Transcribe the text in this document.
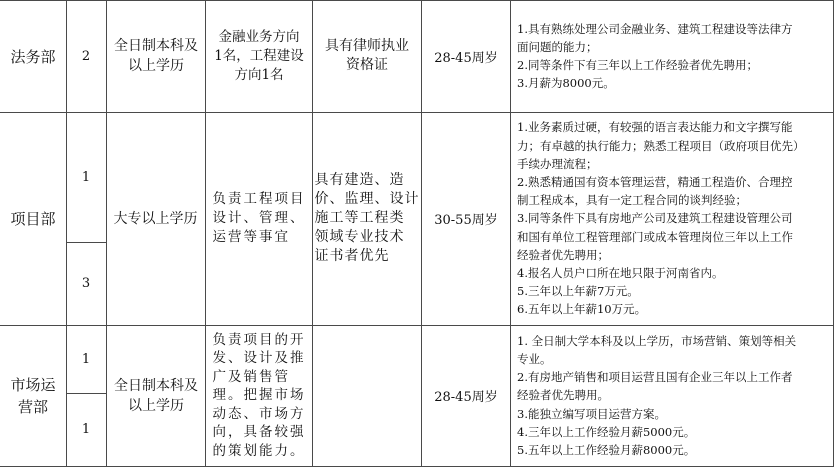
法务部 2
全日制本科及以上学历
金融业务方向
1名，工程建设
方向1名
具有律师执业
资格证	28-45周岁
1.具有熟练处理公司金融业务、建筑工程建设等法律方
面问题的能力；
2.同等条件下有三年以上工作经验者优先聘用；
3.月薪为8000元。
项目部
1
3
大专以上学历
负责工程项目
设计、管理、
运营等事宜
具有建造、造
价、监理、设计
施工等工程类
领域专业技术
证书者优先
30-55周岁
1.业务素质过硬，有较强的语言表达能力和文字撰写能
力；有卓越的执行能力；熟悉工程项目（政府项目优先）
手续办理流程；
2.熟悉精通国有资本管理运营，精通工程造价、合理控
制工程成本，具有一定工程合同的谈判经验；
3.同等条件下具有房地产公司及建筑工程建设管理公司
和国有单位工程管理部门或成本管理岗位三年以上工作
经验者优先聘用；
4.报名人员户口所在地只限于河南省内。
5.三年以上年薪7万元。
6.五年以上年薪10万元。
市场运
营部
1
1
全日制本科及以上学历
负责项目的开
发、设计及推
广及销售管
理。把握市场
动态、市场方
向，具备较强
的策划能力。
28-45周岁
1. 全日制大学本科及以上学历，市场营销、策划等相关
专业。
2.有房地产销售和项目运营且国有企业三年以上工作者
经验者优先聘用。
3.能独立编写项目运营方案。
4.三年以上工作经验月薪5000元。
5.五年以上工作经验月薪8000元。
